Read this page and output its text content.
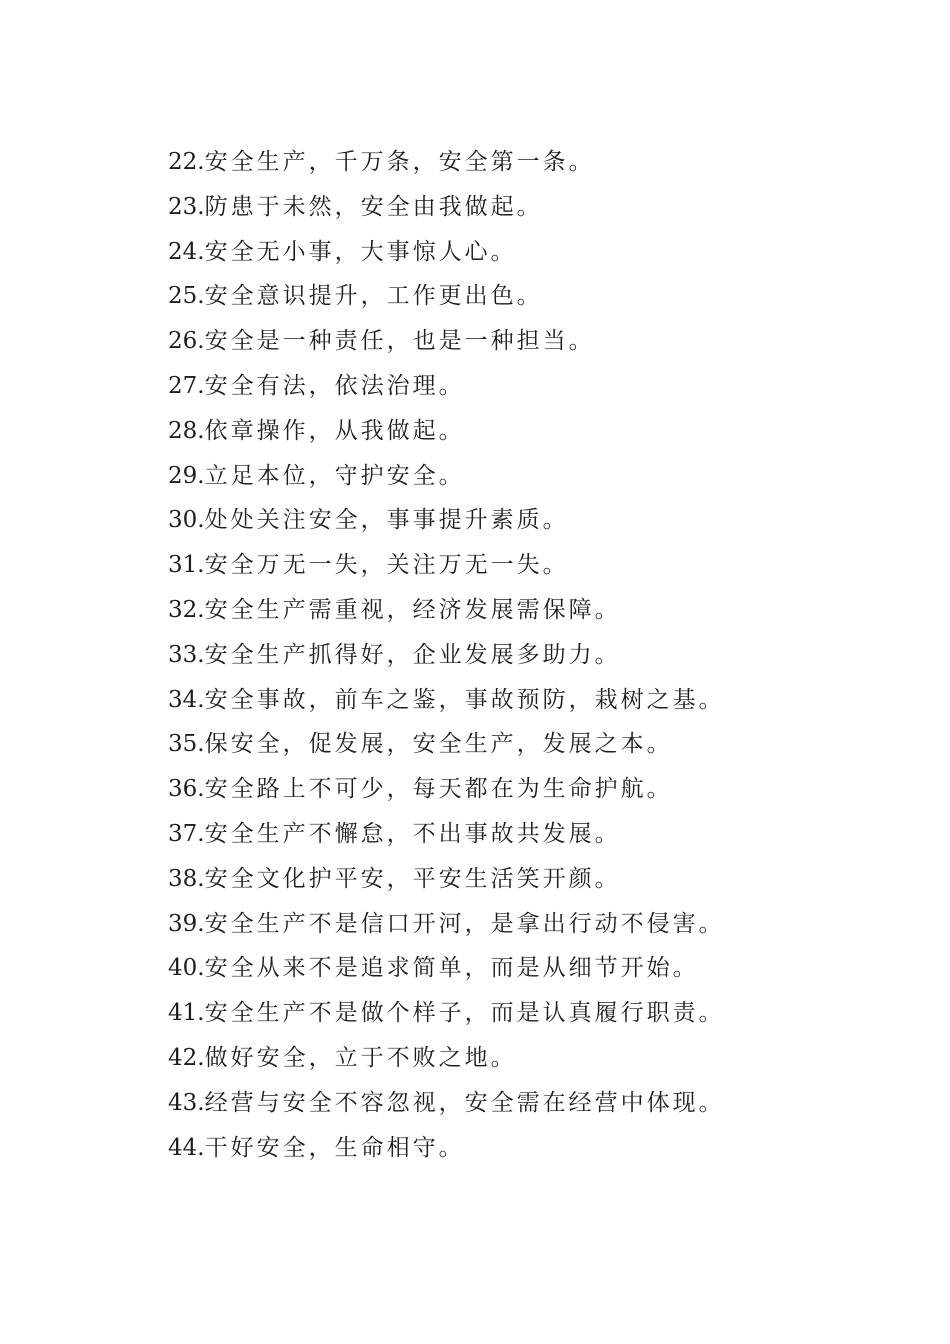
22.安全生产，千万条，安全第一条。
23.防患于未然，安全由我做起。
24.安全无小事，大事惊人心。
25.安全意识提升，工作更出色。
26.安全是一种责任，也是一种担当。
27.安全有法，依法治理。
28.依章操作，从我做起。
29.立足本位，守护安全。
30.处处关注安全，事事提升素质。
31.安全万无一失，关注万无一失。
32.安全生产需重视，经济发展需保障。
33.安全生产抓得好，企业发展多助力。
34.安全事故，前车之鉴，事故预防，栽树之基。
35.保安全，促发展，安全生产，发展之本。
36.安全路上不可少，每天都在为生命护航。
37.安全生产不懈怠，不出事故共发展。
38.安全文化护平安，平安生活笑开颜。
39.安全生产不是信口开河，是拿出行动不侵害。
40.安全从来不是追求简单，而是从细节开始。
41.安全生产不是做个样子，而是认真履行职责。
42.做好安全，立于不败之地。
43.经营与安全不容忽视，安全需在经营中体现。
44.干好安全，生命相守。
